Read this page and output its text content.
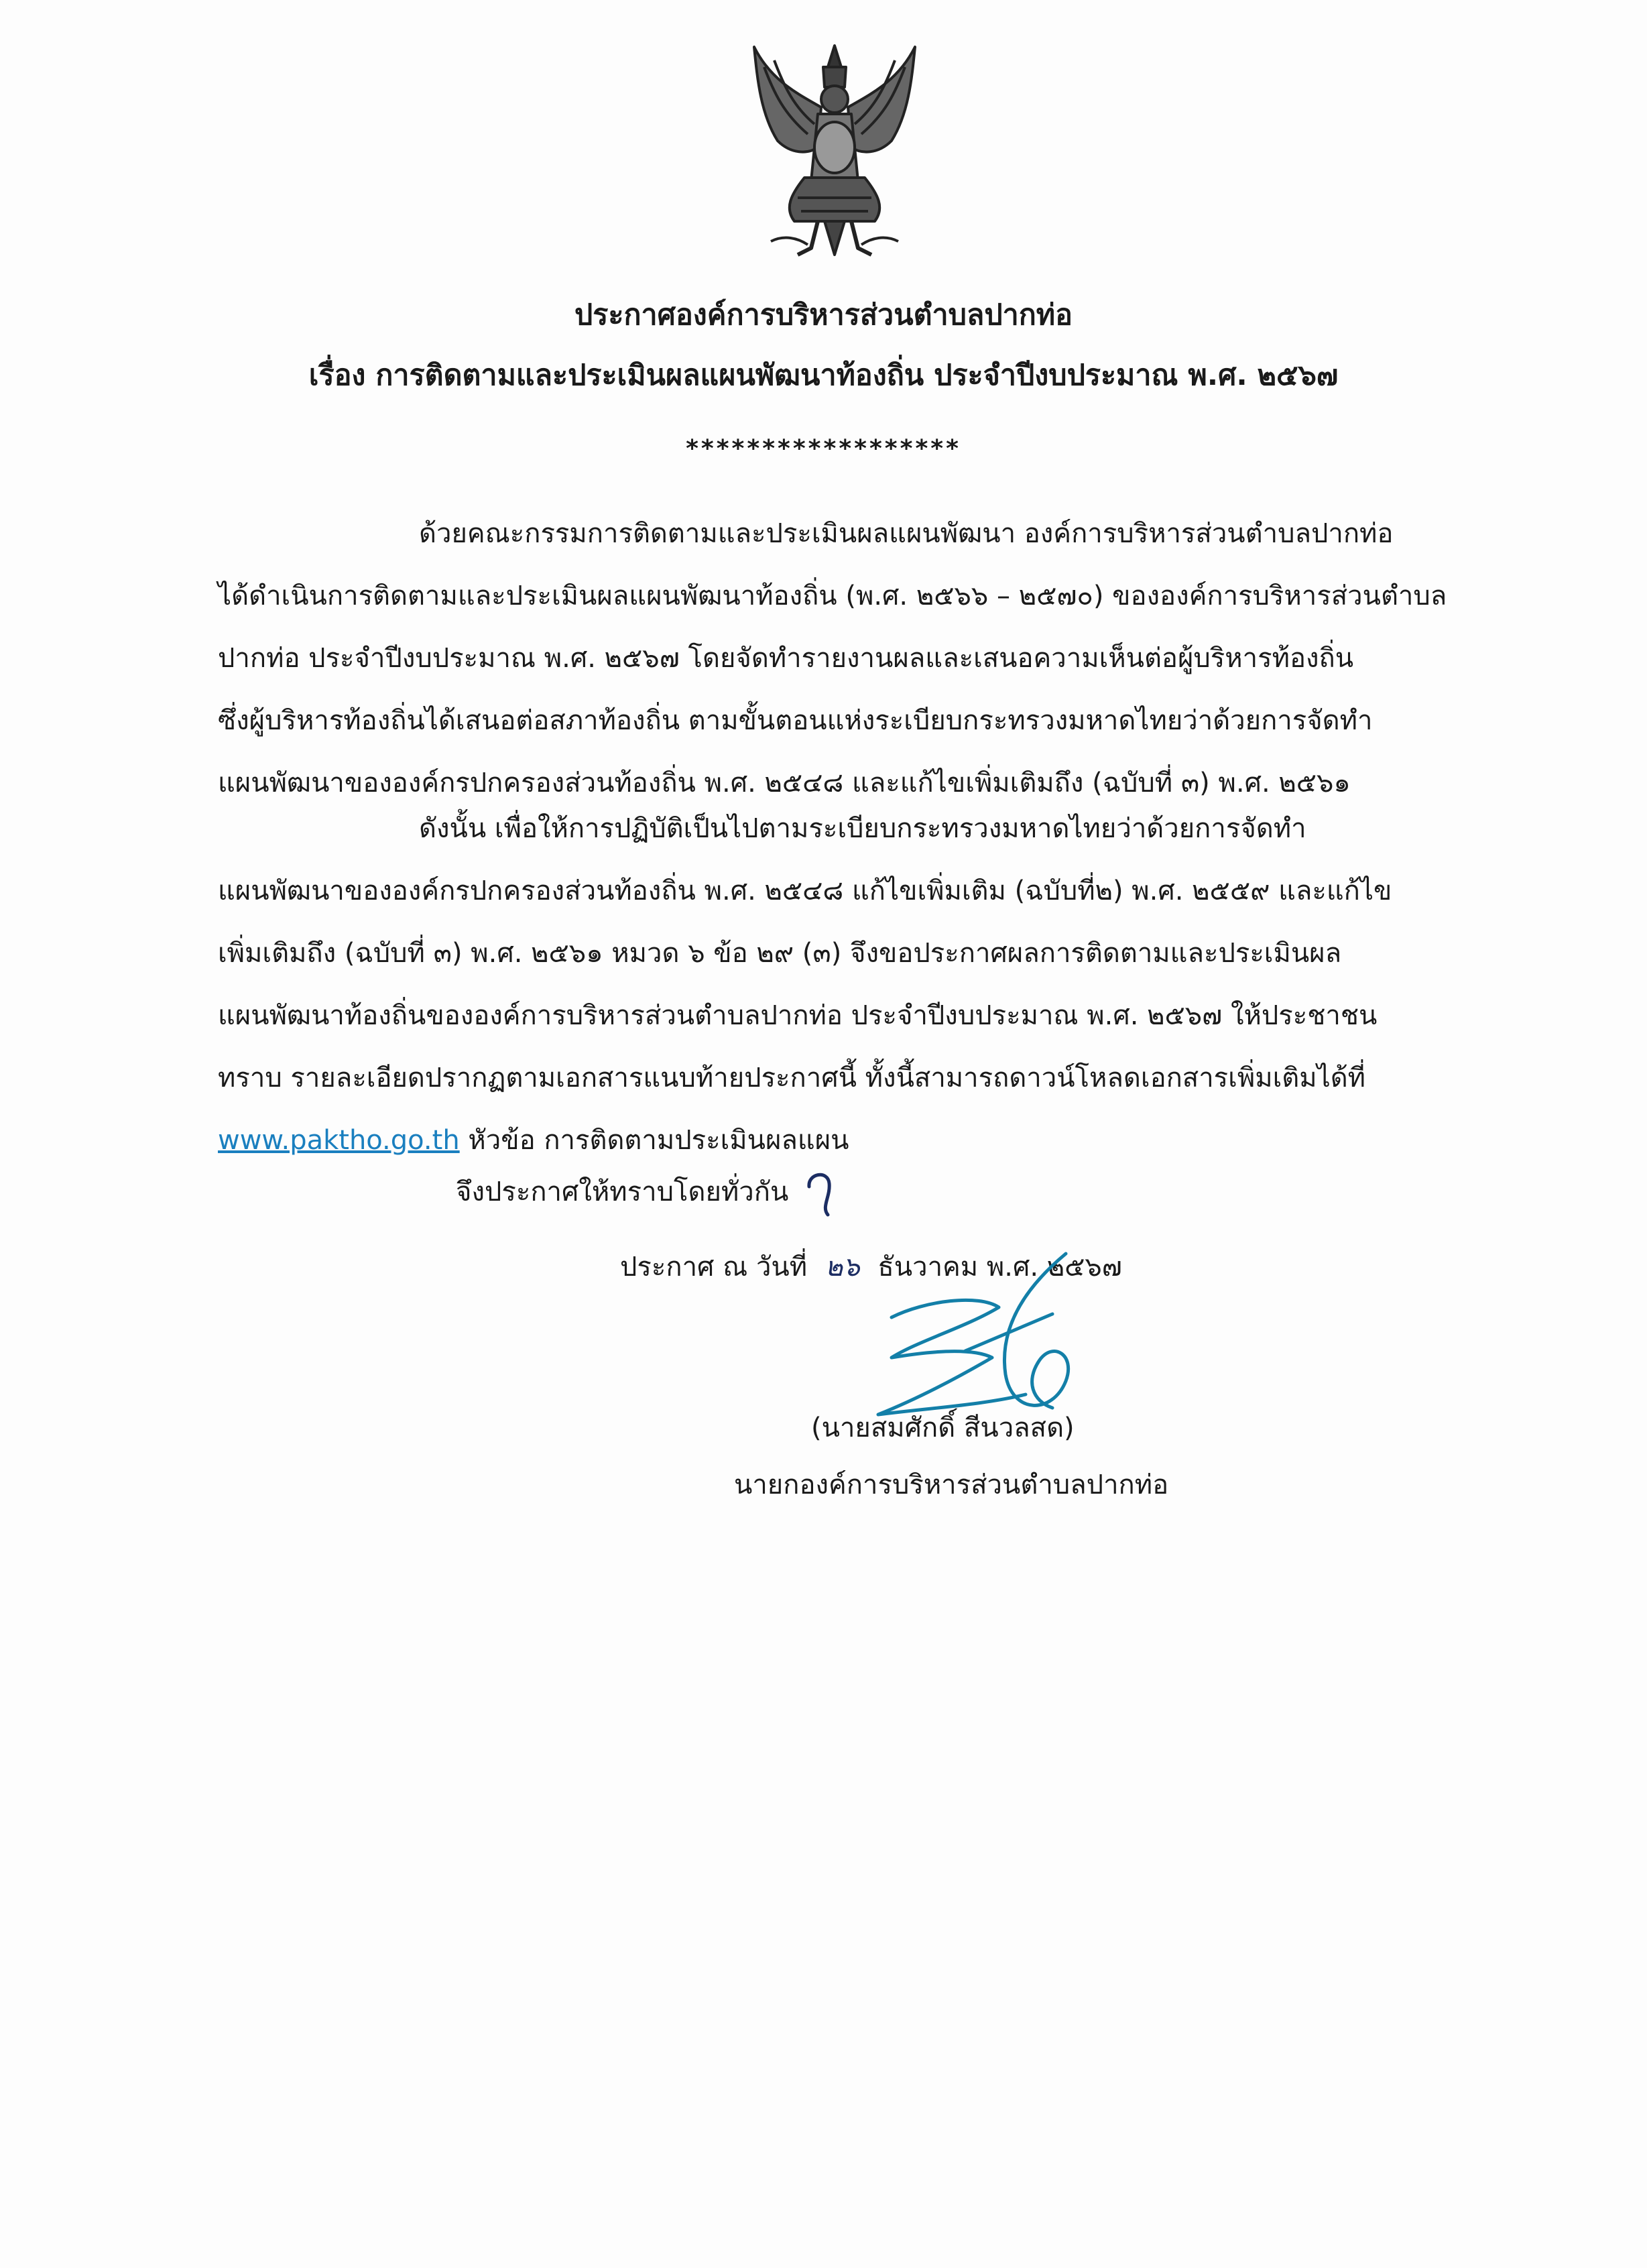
ประกาศองค์การบริหารส่วนตำบลปากท่อ
เรื่อง การติดตามและประเมินผลแผนพัฒนาท้องถิ่น ประจำปีงบประมาณ พ.ศ. ๒๕๖๗
******************
ด้วยคณะกรรมการติดตามและประเมินผลแผนพัฒนา องค์การบริหารส่วนตำบลปากท่อ
ได้ดำเนินการติดตามและประเมินผลแผนพัฒนาท้องถิ่น (พ.ศ. ๒๕๖๖ – ๒๕๗๐) ขององค์การบริหารส่วนตำบล
ปากท่อ ประจำปีงบประมาณ พ.ศ. ๒๕๖๗ โดยจัดทำรายงานผลและเสนอความเห็นต่อผู้บริหารท้องถิ่น
ซึ่งผู้บริหารท้องถิ่นได้เสนอต่อสภาท้องถิ่น ตามขั้นตอนแห่งระเบียบกระทรวงมหาดไทยว่าด้วยการจัดทำ
แผนพัฒนาขององค์กรปกครองส่วนท้องถิ่น พ.ศ. ๒๕๔๘ และแก้ไขเพิ่มเติมถึง (ฉบับที่ ๓) พ.ศ. ๒๕๖๑
ดังนั้น เพื่อให้การปฏิบัติเป็นไปตามระเบียบกระทรวงมหาดไทยว่าด้วยการจัดทำ
แผนพัฒนาขององค์กรปกครองส่วนท้องถิ่น พ.ศ. ๒๕๔๘ แก้ไขเพิ่มเติม (ฉบับที่๒) พ.ศ. ๒๕๕๙ และแก้ไข
เพิ่มเติมถึง (ฉบับที่ ๓) พ.ศ. ๒๕๖๑ หมวด ๖ ข้อ ๒๙ (๓) จึงขอประกาศผลการติดตามและประเมินผล
แผนพัฒนาท้องถิ่นขององค์การบริหารส่วนตำบลปากท่อ ประจำปีงบประมาณ พ.ศ. ๒๕๖๗ ให้ประชาชน
ทราบ รายละเอียดปรากฏตามเอกสารแนบท้ายประกาศนี้ ทั้งนี้สามารถดาวน์โหลดเอกสารเพิ่มเติมได้ที่
www.paktho.go.th หัวข้อ การติดตามประเมินผลแผน
จึงประกาศให้ทราบโดยทั่วกัน
ประกาศ ณ วันที่ ๒๖ ธันวาคม พ.ศ. ๒๕๖๗
(นายสมศักดิ์ สีนวลสด)
นายกองค์การบริหารส่วนตำบลปากท่อ
